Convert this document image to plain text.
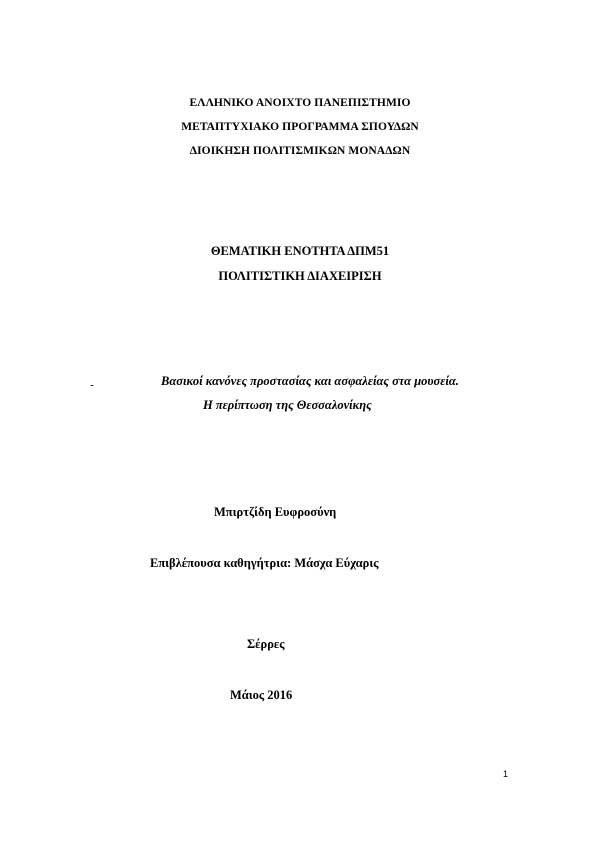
ΕΛΛΗΝΙΚΟ ΑΝΟΙΧΤΟ ΠΑΝΕΠΙΣΤΗΜΙΟ
ΜΕΤΑΠΤΥΧΙΑΚΟ ΠΡΟΓΡΑΜΜΑ ΣΠΟΥΔΩΝ
ΔΙΟΙΚΗΣΗ ΠΟΛΙΤΙΣΜΙΚΩΝ ΜΟΝΑΔΩΝ
ΘΕΜΑΤΙΚΗ ΕΝΟΤΗΤΑ ΔΠΜ51
ΠΟΛΙΤΙΣΤΙΚΗ ΔΙΑΧΕΙΡΙΣΗ
-	Βασικοί κανόνες προστασίας και ασφαλείας στα μουσεία.
Η περίπτωση της Θεσσαλονίκης
Μπιρτζίδη Ευφροσύνη
Επιβλέπουσα καθηγήτρια: Μάσχα Εύχαρις
Σέρρες
Μάιος 2016
1
